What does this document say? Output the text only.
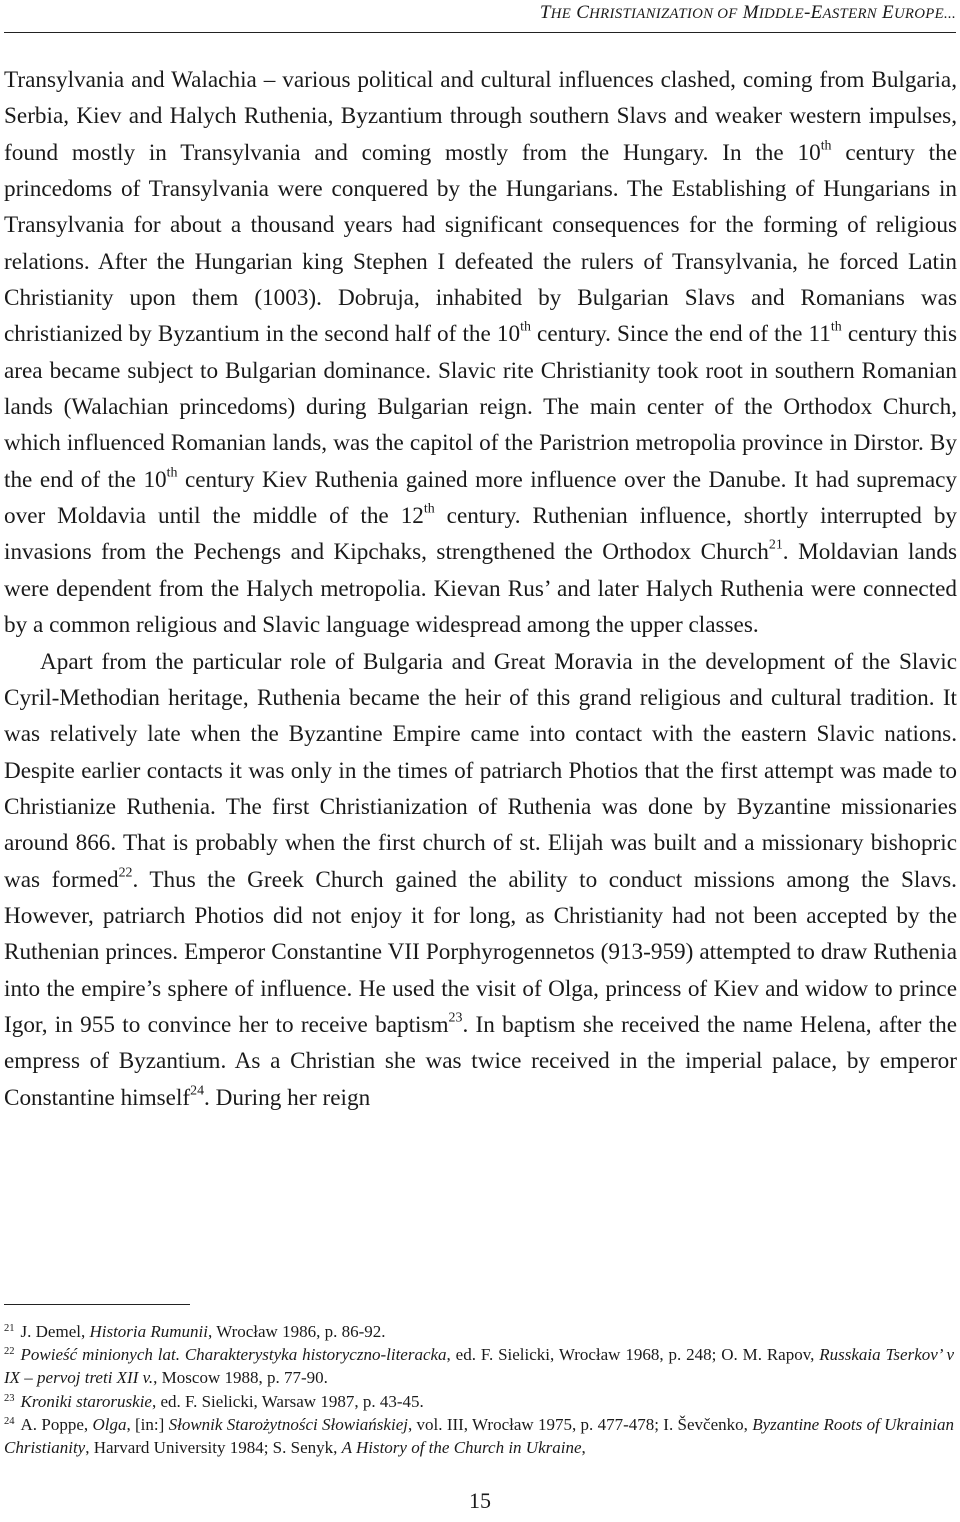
THE CHRISTIANIZATION OF MIDDLE-EASTERN EUROPE...

Transylvania and Walachia – various political and cultural influences clashed, coming from Bulgaria, Serbia, Kiev and Halych Ruthenia, Byzantium through southern Slavs and weaker western impulses, found mostly in Transylvania and coming mostly from the Hungary. In the 10th century the princedoms of Transylvania were conquered by the Hungarians. The Establishing of Hungarians in Transylvania for about a thousand years had significant consequences for the forming of religious relations. After the Hungarian king Stephen I defeated the rulers of Transylvania, he forced Latin Christianity upon them (1003). Dobruja, inhabited by Bulgarian Slavs and Romanians was christianized by Byzantium in the second half of the 10th century. Since the end of the 11th century this area became subject to Bulgarian dominance. Slavic rite Christianity took root in southern Romanian lands (Walachian princedoms) during Bulgarian reign. The main center of the Orthodox Church, which influenced Romanian lands, was the capitol of the Paristrion metropolia province in Dirstor. By the end of the 10th century Kiev Ruthenia gained more influence over the Danube. It had supremacy over Moldavia until the middle of the 12th century. Ruthenian influence, shortly interrupted by invasions from the Pechengs and Kipchaks, strengthened the Orthodox Church$^{21}$. Moldavian lands were dependent from the Halych metropolia. Kievan Rus’ and later Halych Ruthenia were connected by a common religious and Slavic language widespread among the upper classes.

Apart from the particular role of Bulgaria and Great Moravia in the development of the Slavic Cyril-Methodian heritage, Ruthenia became the heir of this grand religious and cultural tradition. It was relatively late when the Byzantine Empire came into contact with the eastern Slavic nations. Despite earlier contacts it was only in the times of patriarch Photios that the first attempt was made to Christianize Ruthenia. The first Christianization of Ruthenia was done by Byzantine missionaries around 866. That is probably when the first church of st. Elijah was built and a missionary bishopric was formed$^{22}$. Thus the Greek Church gained the ability to conduct missions among the Slavs. However, patriarch Photios did not enjoy it for long, as Christianity had not been accepted by the Ruthenian princes. Emperor Constantine VII Porphyrogennetos (913-959) attempted to draw Ruthenia into the empire’s sphere of influence. He used the visit of Olga, princess of Kiev and widow to prince Igor, in 955 to convince her to receive baptism$^{23}$. In baptism she received the name Helena, after the empress of Byzantium. As a Christian she was twice received in the imperial palace, by emperor Constantine himself$^{24}$. During her reign

$^{21}$ J. Demel, Historia Rumunii, Wrocław 1986, p. 86-92.

$^{22}$ Powieść minionych lat. Charakterystyka historyczno-literacka, ed. F. Sielicki, Wrocław 1968, p. 248; O. M. Rapov, Russkaia Tserkov’ v IX – pervoj treti XII v., Moscow 1988, p. 77-90.

$^{23}$ Kroniki staroruskie, ed. F. Sielicki, Warsaw 1987, p. 43-45.

$^{24}$ A. Poppe, Olga, [in:] Słownik Starożytności Słowiańskiej, vol. III, Wrocław 1975, p. 477-478; I. Ševčenko, Byzantine Roots of Ukrainian Christianity, Harvard University 1984; S. Senyk, A History of the Church in Ukraine,

15
